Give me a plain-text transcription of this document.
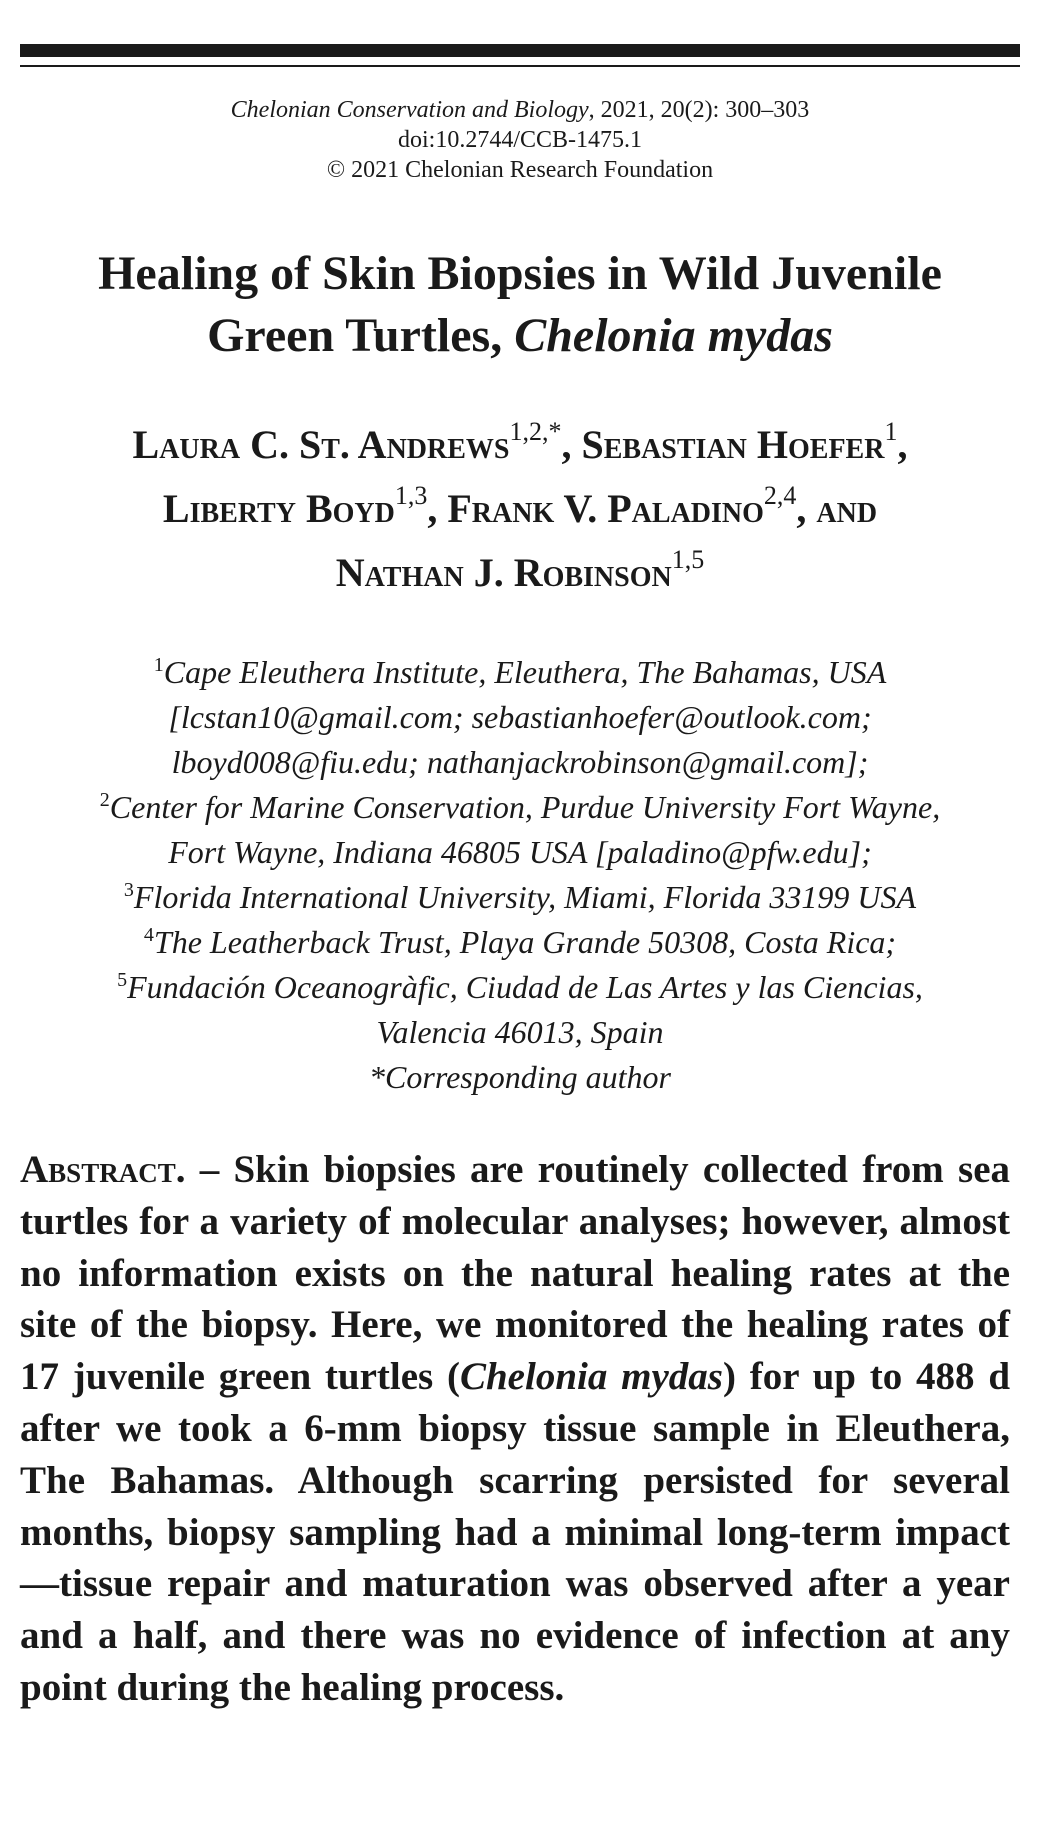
Chelonian Conservation and Biology, 2021, 20(2): 300–303
doi:10.2744/CCB-1475.1
© 2021 Chelonian Research Foundation
Healing of Skin Biopsies in Wild Juvenile
Green Turtles, Chelonia mydas
Laura C. St. Andrews$^{1,2,*}$, Sebastian Hoefer$^1$,
Liberty Boyd$^{1,3}$, Frank V. Paladino$^{2,4}$, and
Nathan J. Robinson$^{1,5}$
$^1$Cape Eleuthera Institute, Eleuthera, The Bahamas, USA
[lcstan10@gmail.com; sebastianhoefer@outlook.com;
lboyd008@fiu.edu; nathanjackrobinson@gmail.com];
$^2$Center for Marine Conservation, Purdue University Fort Wayne,
Fort Wayne, Indiana 46805 USA [paladino@pfw.edu];
$^3$Florida International University, Miami, Florida 33199 USA
$^4$The Leatherback Trust, Playa Grande 50308, Costa Rica;
$^5$Fundación Oceanogràfic, Ciudad de Las Artes y las Ciencias,
Valencia 46013, Spain
*Corresponding author
Abstract. – Skin biopsies are routinely collected from sea turtles for a variety of molecular analyses; however, almost no information exists on the natural healing rates at the site of the biopsy. Here, we monitored the healing rates of 17 juvenile green turtles (Chelonia mydas) for up to 488 d after we took a 6-mm biopsy tissue sample in Eleuthera, The Bahamas. Although scarring persisted for several months, biopsy sampling had a minimal long-term impact—tissue repair and maturation was observed after a year and a half, and there was no evidence of infection at any point during the healing process.
